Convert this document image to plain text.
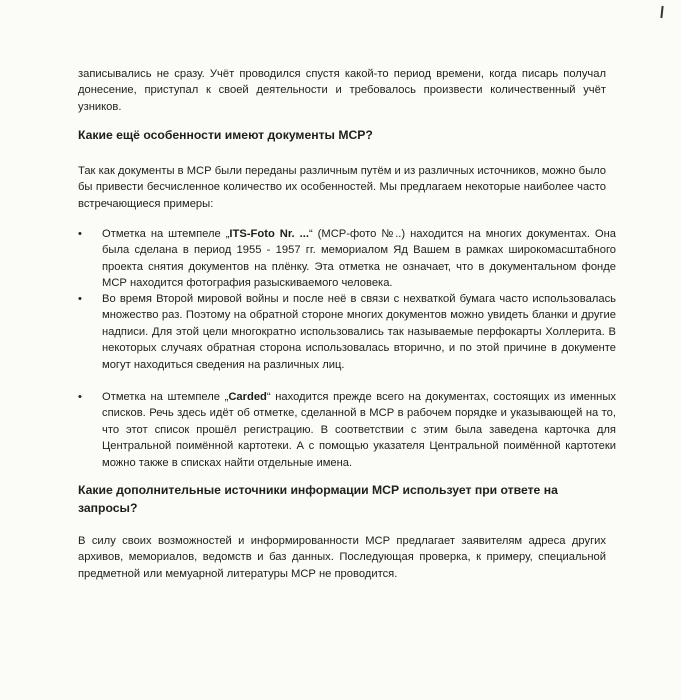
записывались не сразу. Учёт проводился спустя какой-то период времени, когда писарь получал донесение, приступал к своей деятельности и требовалось произвести количественный учёт узников.

Какие ещё особенности имеют документы МСР?

Так как документы в МСР были переданы различным путём и из различных источников, можно было бы привести бесчисленное количество их особенностей. Мы предлагаем некоторые наиболее часто встречающиеся примеры:

• Отметка на штемпеле „ITS-Foto Nr. ...“ (МСР-фото №..) находится на многих документах. Она была сделана в период 1955 - 1957 гг. мемориалом Яд Вашем в рамках широкомасштабного проекта снятия документов на плёнку. Эта отметка не означает, что в документальном фонде МСР находится фотография разыскиваемого человека.

• Во время Второй мировой войны и после неё в связи с нехваткой бумага часто использовалась множество раз. Поэтому на обратной стороне многих документов можно увидеть бланки и другие надписи. Для этой цели многократно использовались так называемые перфокарты Холлерита. В некоторых случаях обратная сторона использовалась вторично, и по этой причине в документе могут находиться сведения на различных лиц.

• Отметка на штемпеле „Carded“ находится прежде всего на документах, состоящих из именных списков. Речь здесь идёт об отметке, сделанной в МСР в рабочем порядке и указывающей на то, что этот список прошёл регистрацию. В соответствии с этим была заведена карточка для Центральной поимённой картотеки. А с помощью указателя Центральной поимённой картотеки можно также в списках найти отдельные имена.

Какие дополнительные источники информации МСР использует при ответе на запросы?

В силу своих возможностей и информированности МСР предлагает заявителям адреса других архивов, мемориалов, ведомств и баз данных. Последующая проверка, к примеру, специальной предметной или мемуарной литературы МСР не проводится.
